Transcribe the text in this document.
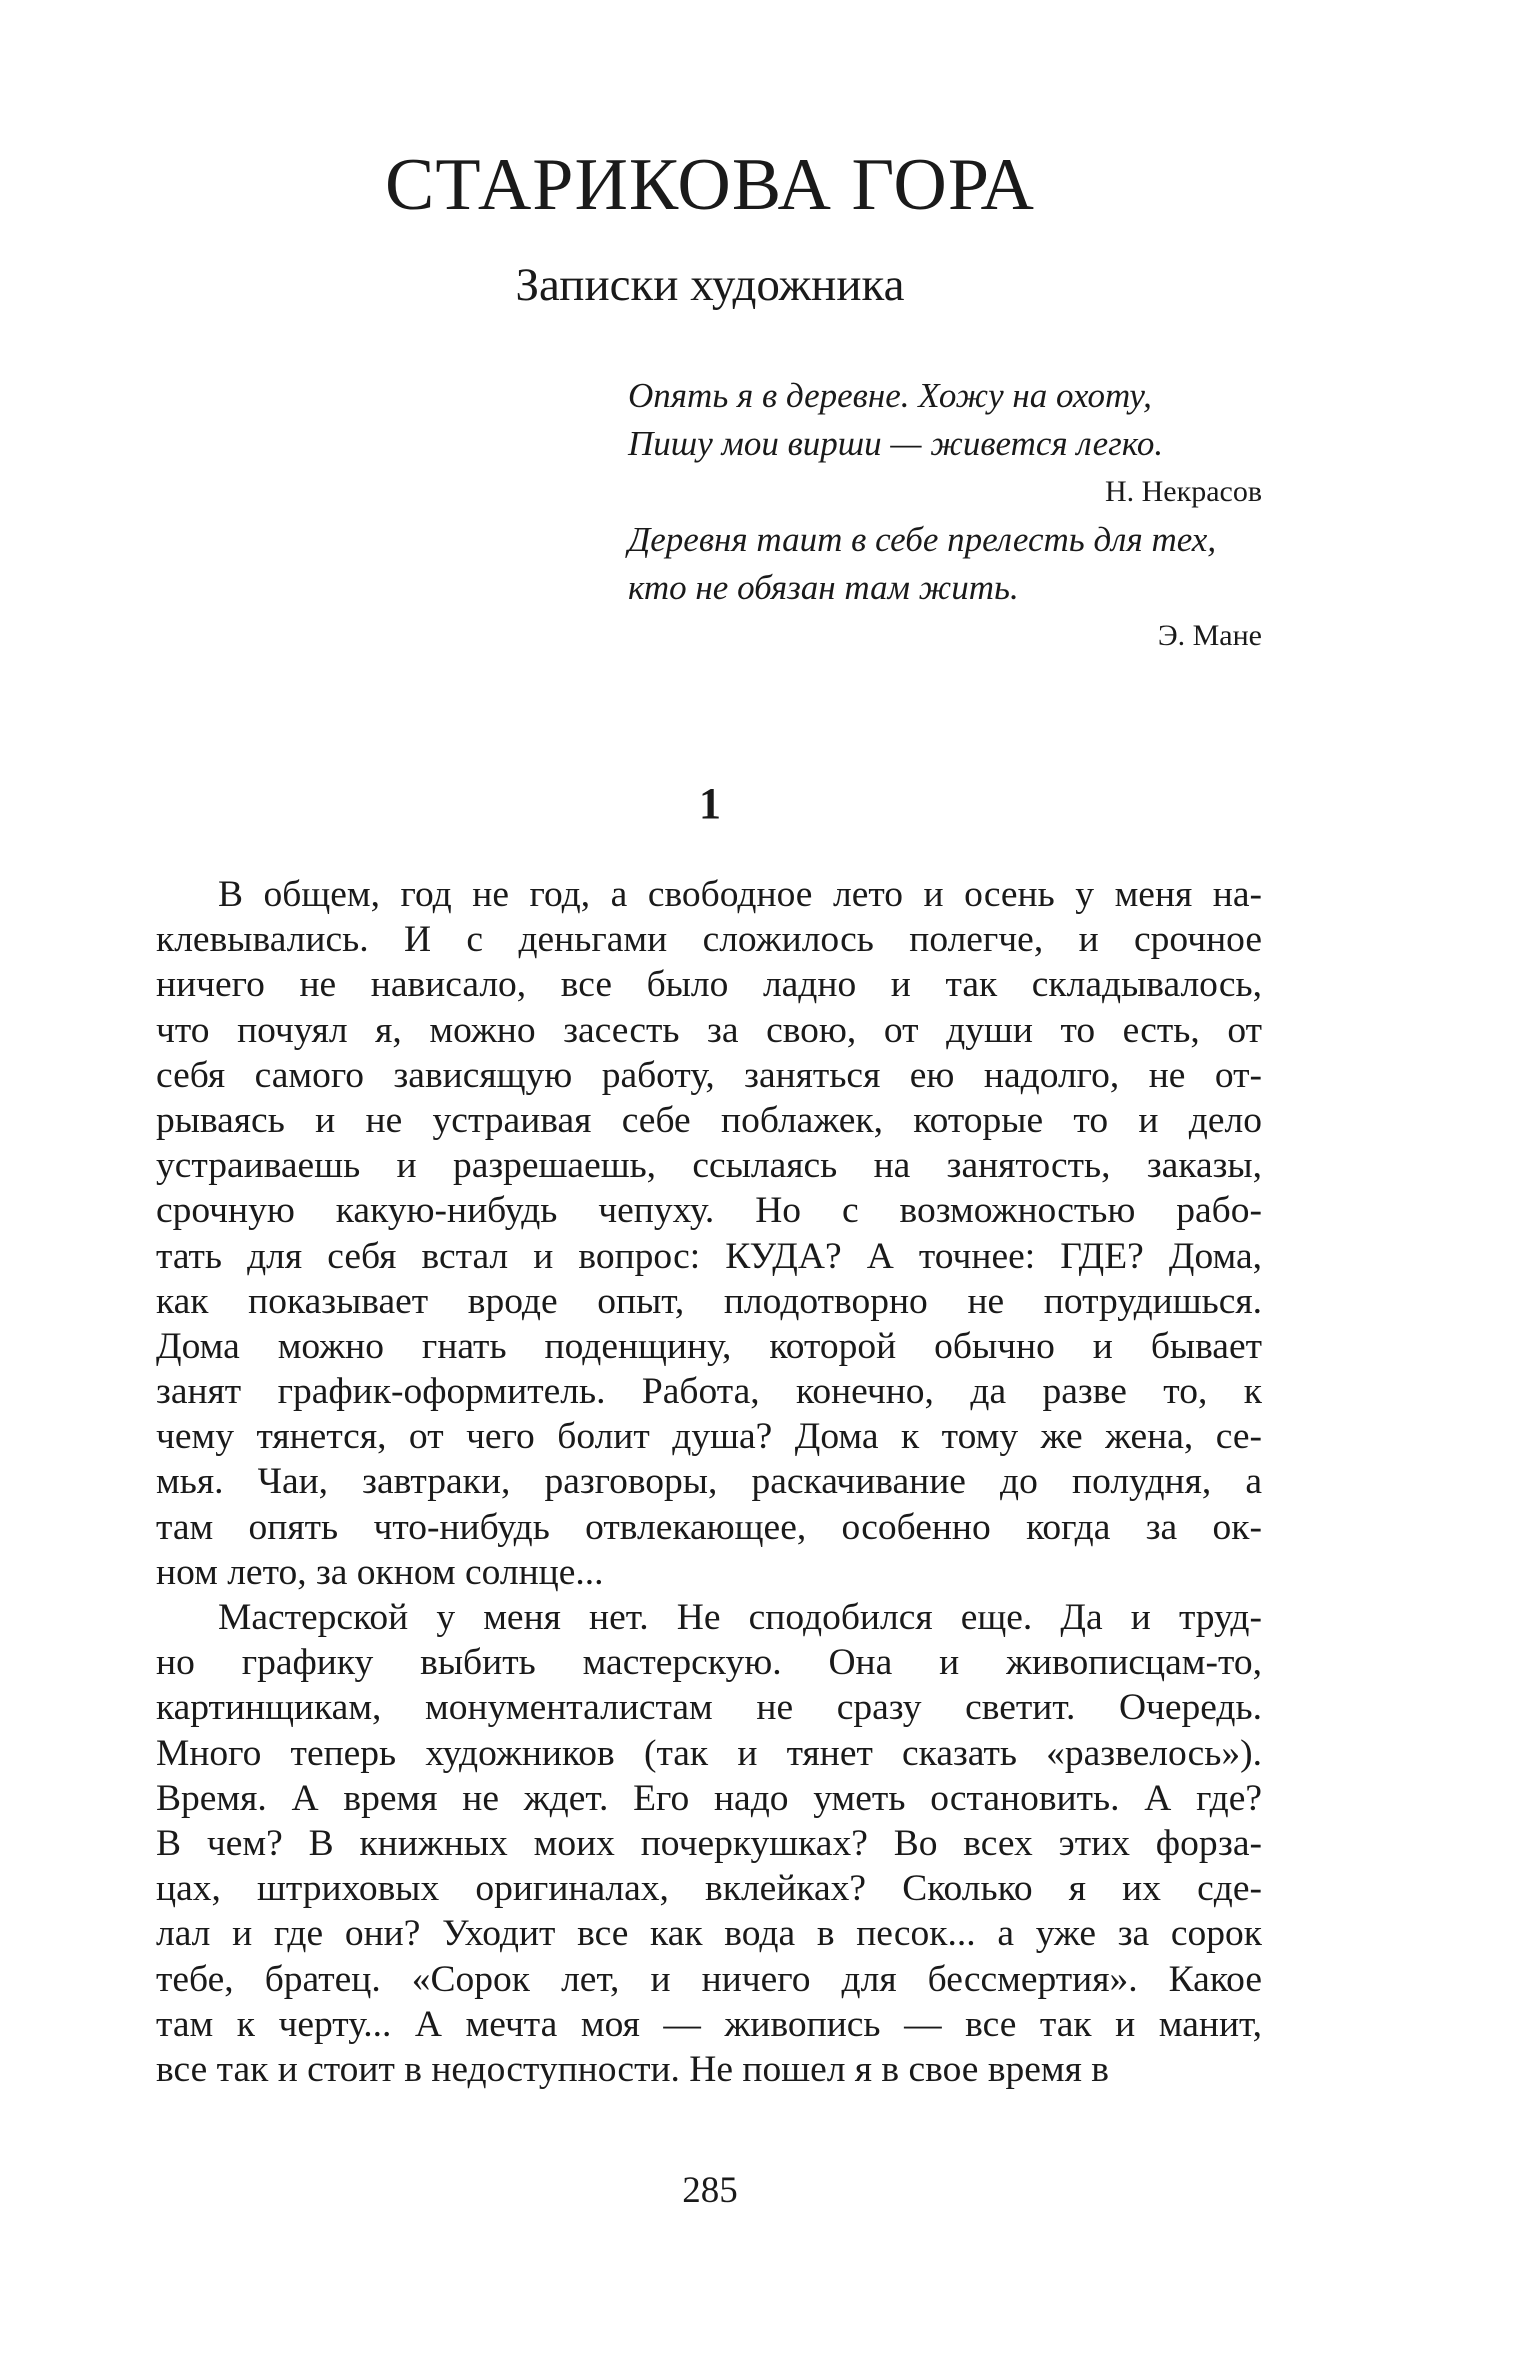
СТАРИКОВА ГОРА
Записки художника
Опять я в деревне. Хожу на охоту,
Пишу мои вирши — живется легко.
Н. Некрасов
Деревня таит в себе прелесть для тех,
кто не обязан там жить.
Э. Мане
1
В общем, год не год, а свободное лето и осень у меня на-
клевывались. И с деньгами сложилось полегче, и срочное
ничего не нависало, все было ладно и так складывалось,
что почуял я, можно засесть за свою, от души то есть, от
себя самого зависящую работу, заняться ею надолго, не от-
рываясь и не устраивая себе поблажек, которые то и дело
устраиваешь и разрешаешь, ссылаясь на занятость, заказы,
срочную какую-нибудь чепуху. Но с возможностью рабо-
тать для себя встал и вопрос: КУДА? А точнее: ГДЕ? Дома,
как показывает вроде опыт, плодотворно не потрудишься.
Дома можно гнать поденщину, которой обычно и бывает
занят график-оформитель. Работа, конечно, да разве то, к
чему тянется, от чего болит душа? Дома к тому же жена, се-
мья. Чаи, завтраки, разговоры, раскачивание до полудня, а
там опять что-нибудь отвлекающее, особенно когда за ок-
ном лето, за окном солнце...
Мастерской у меня нет. Не сподобился еще. Да и труд-
но графику выбить мастерскую. Она и живописцам-то,
картинщикам, монументалистам не сразу светит. Очередь.
Много теперь художников (так и тянет сказать «развелось»).
Время. А время не ждет. Его надо уметь остановить. А где?
В чем? В книжных моих почеркушках? Во всех этих форза-
цах, штриховых оригиналах, вклейках? Сколько я их сде-
лал и где они? Уходит все как вода в песок... а уже за сорок
тебе, братец. «Сорок лет, и ничего для бессмертия». Какое
там к черту... А мечта моя — живопись — все так и манит,
все так и стоит в недоступности. Не пошел я в свое время в
285
